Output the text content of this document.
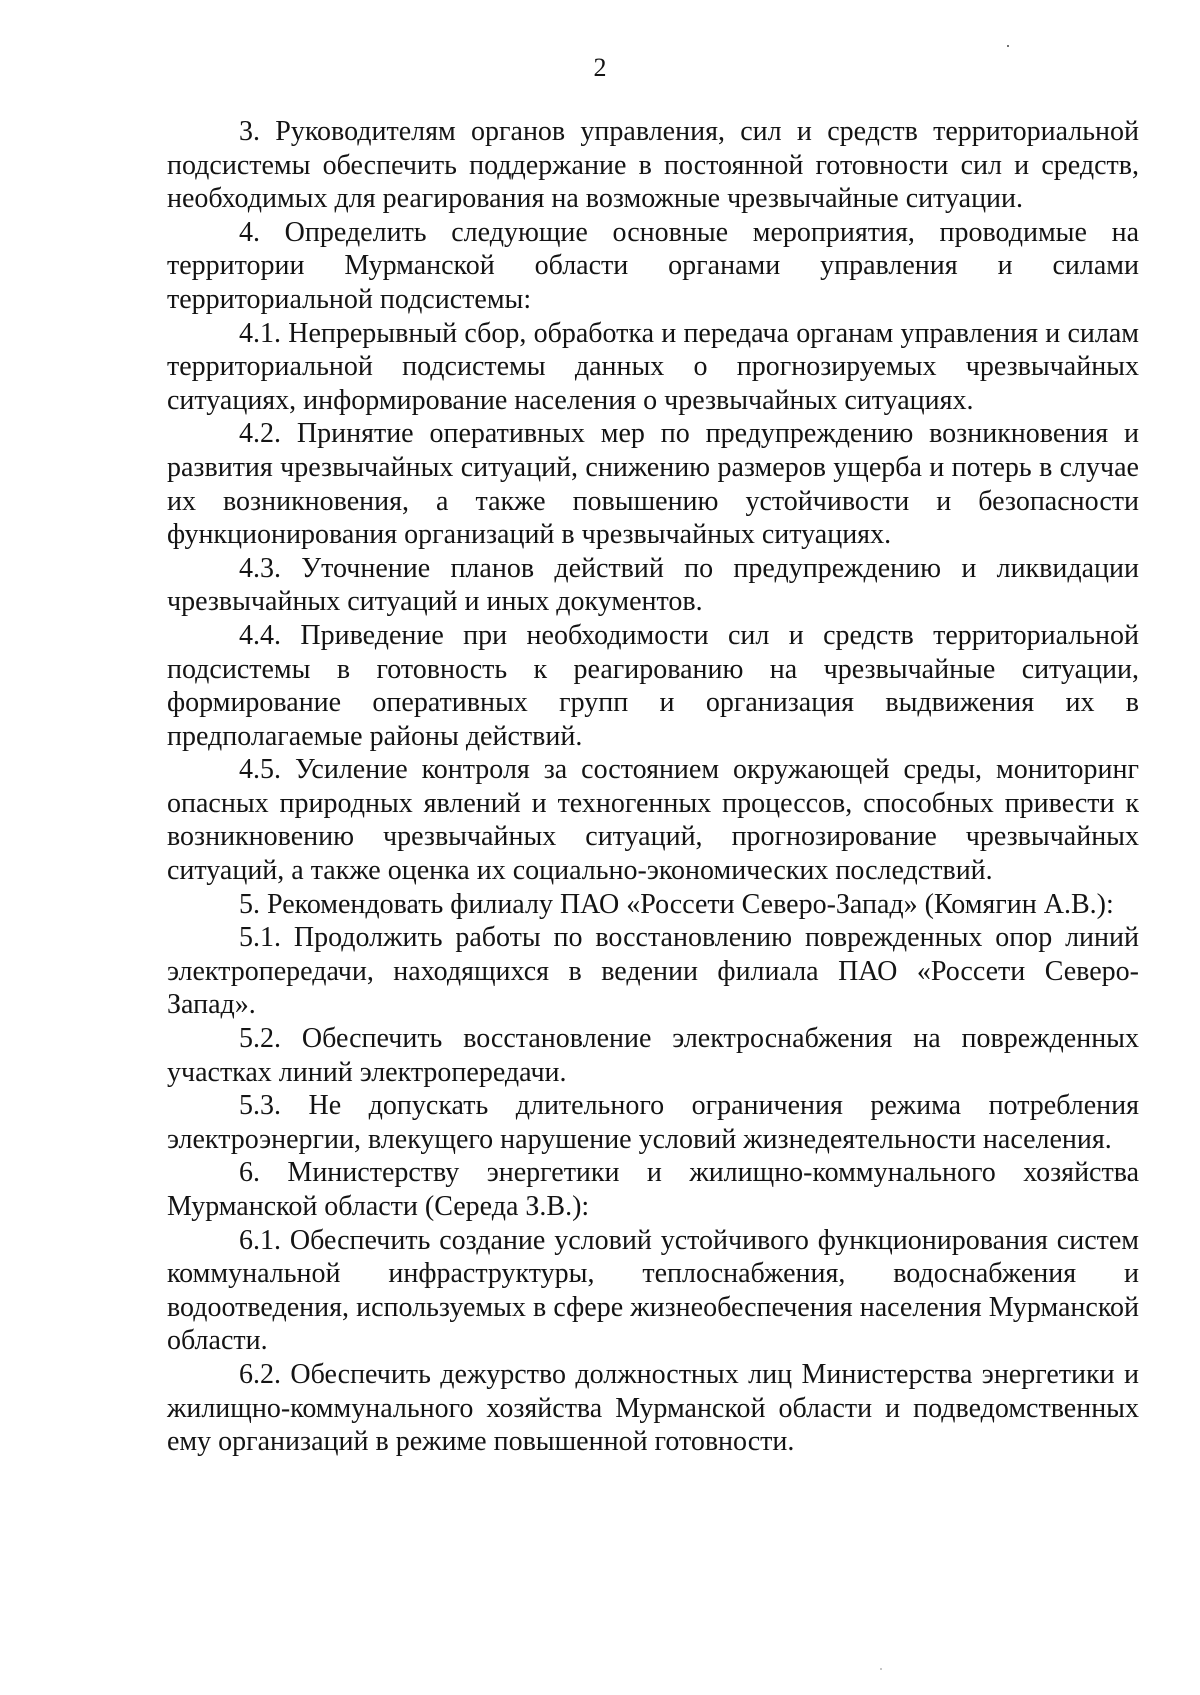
2

3. Руководителям органов управления, сил и средств территориальной подсистемы обеспечить поддержание в постоянной готовности сил и средств, необходимых для реагирования на возможные чрезвычайные ситуации.

4. Определить следующие основные мероприятия, проводимые на территории Мурманской области органами управления и силами территориальной подсистемы:

4.1. Непрерывный сбор, обработка и передача органам управления и силам территориальной подсистемы данных о прогнозируемых чрезвычайных ситуациях, информирование населения о чрезвычайных ситуациях.

4.2. Принятие оперативных мер по предупреждению возникновения и развития чрезвычайных ситуаций, снижению размеров ущерба и потерь в случае их возникновения, а также повышению устойчивости и безопасности функционирования организаций в чрезвычайных ситуациях.

4.3. Уточнение планов действий по предупреждению и ликвидации чрезвычайных ситуаций и иных документов.

4.4. Приведение при необходимости сил и средств территориальной подсистемы в готовность к реагированию на чрезвычайные ситуации, формирование оперативных групп и организация выдвижения их в предполагаемые районы действий.

4.5. Усиление контроля за состоянием окружающей среды, мониторинг опасных природных явлений и техногенных процессов, способных привести к возникновению чрезвычайных ситуаций, прогнозирование чрезвычайных ситуаций, а также оценка их социально-экономических последствий.

5. Рекомендовать филиалу ПАО «Россети Северо-Запад» (Комягин А.В.):

5.1. Продолжить работы по восстановлению поврежденных опор линий электропередачи, находящихся в ведении филиала ПАО «Россети Северо-Запад».

5.2. Обеспечить восстановление электроснабжения на поврежденных участках линий электропередачи.

5.3. Не допускать длительного ограничения режима потребления электроэнергии, влекущего нарушение условий жизнедеятельности населения.

6. Министерству энергетики и жилищно-коммунального хозяйства Мурманской области (Середа З.В.):

6.1. Обеспечить создание условий устойчивого функционирования систем коммунальной инфраструктуры, теплоснабжения, водоснабжения и водоотведения, используемых в сфере жизнеобеспечения населения Мурманской области.

6.2. Обеспечить дежурство должностных лиц Министерства энергетики и жилищно-коммунального хозяйства Мурманской области и подведомственных ему организаций в режиме повышенной готовности.
